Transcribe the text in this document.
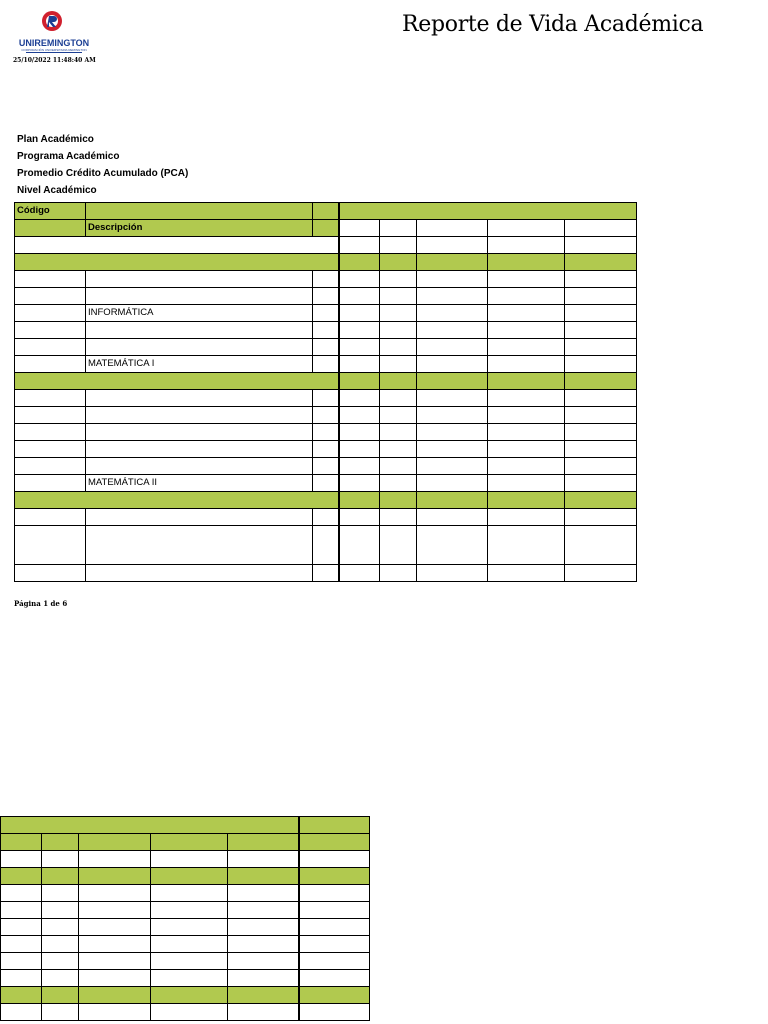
UNIREMINGTON
CORPORACIÓN UNIVERSITARIA REMINGTON
25/10/2022 11:48:40 AM
Reporte de Vida Académica
Plan Académico
Programa Académico
Promedio Crédito Acumulado (PCA)
Nivel Académico
Código							
	Descripción						

	INFORMÁTICA						

	MATEMÁTICA I						

	MATEMÁTICA II						

Página 1 de 6
